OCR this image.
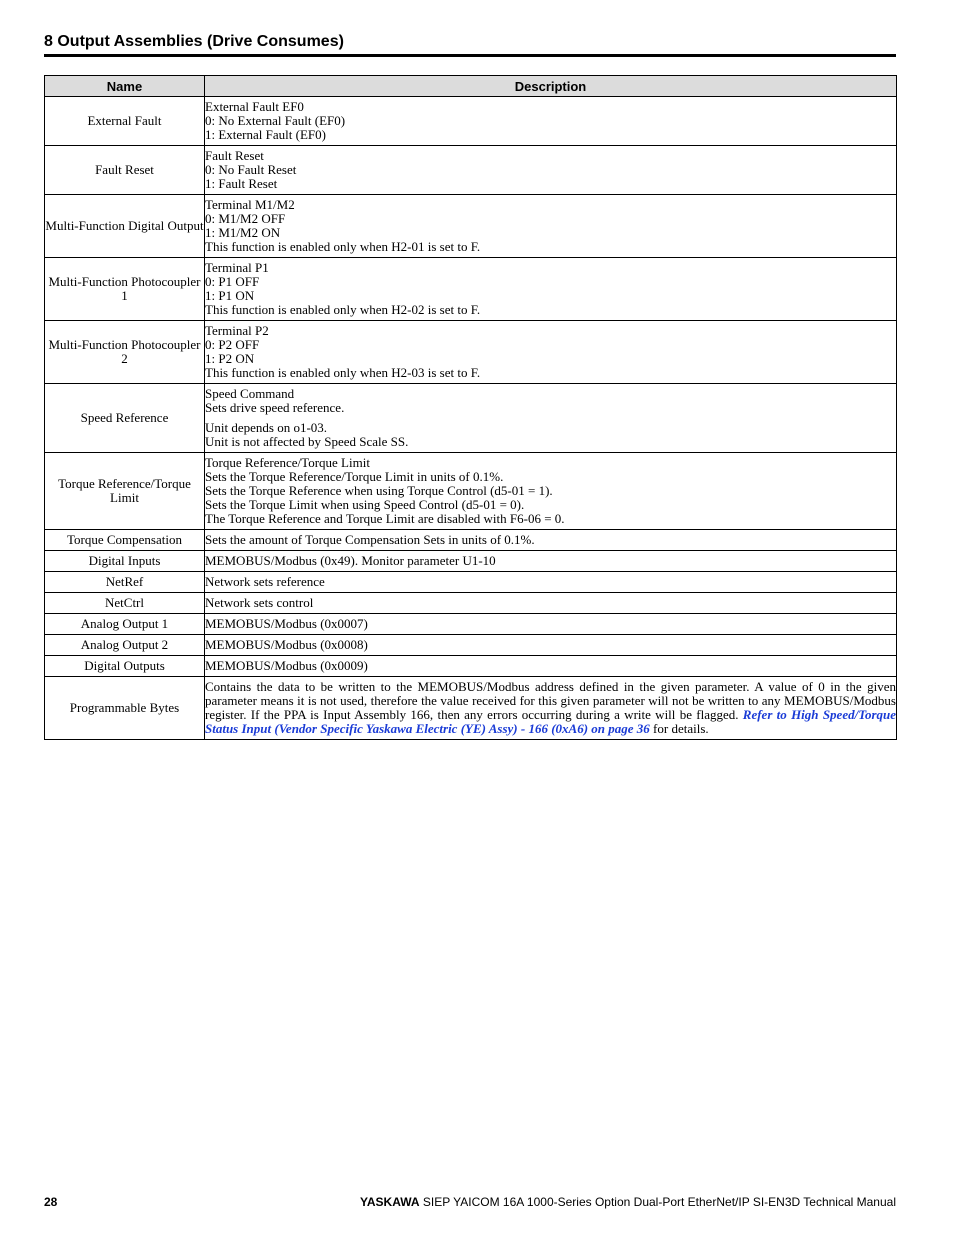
8 Output Assemblies (Drive Consumes)
Name	Description
External Fault	External Fault EF0
0: No External Fault (EF0)
1: External Fault (EF0)

Fault Reset	Fault Reset
0: No Fault Reset
1: Fault Reset

Multi-Function Digital Output	Terminal M1/M2
0: M1/M2 OFF
1: M1/M2 ON
This function is enabled only when H2-01 is set to F.

Multi-Function Photocoupler 1	Terminal P1
0: P1 OFF
1: P1 ON
This function is enabled only when H2-02 is set to F.

Multi-Function Photocoupler 2	Terminal P2
0: P2 OFF
1: P2 ON
This function is enabled only when H2-03 is set to F.

Speed Reference	Speed Command
Sets drive speed reference.
Unit depends on o1-03.
Unit is not affected by Speed Scale SS.

Torque Reference/Torque Limit	Torque Reference/Torque Limit
Sets the Torque Reference/Torque Limit in units of 0.1%.
Sets the Torque Reference when using Torque Control (d5-01 = 1).
Sets the Torque Limit when using Speed Control (d5-01 = 0).
The Torque Reference and Torque Limit are disabled with F6-06 = 0.

Torque Compensation	Sets the amount of Torque Compensation Sets in units of 0.1%.
Digital Inputs	MEMOBUS/Modbus (0x49). Monitor parameter U1-10
NetRef	Network sets reference
NetCtrl	Network sets control
Analog Output 1	MEMOBUS/Modbus (0x0007)
Analog Output 2	MEMOBUS/Modbus (0x0008)
Digital Outputs	MEMOBUS/Modbus (0x0009)
Programmable Bytes	Contains the data to be written to the MEMOBUS/Modbus address defined in the given parameter. A value of 0 in the given parameter means it is not used, therefore the value received for this given parameter will not be written to any MEMOBUS/Modbus register. If the PPA is Input Assembly 166, then any errors occurring during a write will be flagged. Refer to High Speed/Torque Status Input (Vendor Specific Yaskawa Electric (YE) Assy) - 166 (0xA6) on page 36 for details.
28	YASKAWA SIEP YAICOM 16A 1000-Series Option Dual-Port EtherNet/IP SI-EN3D Technical Manual
